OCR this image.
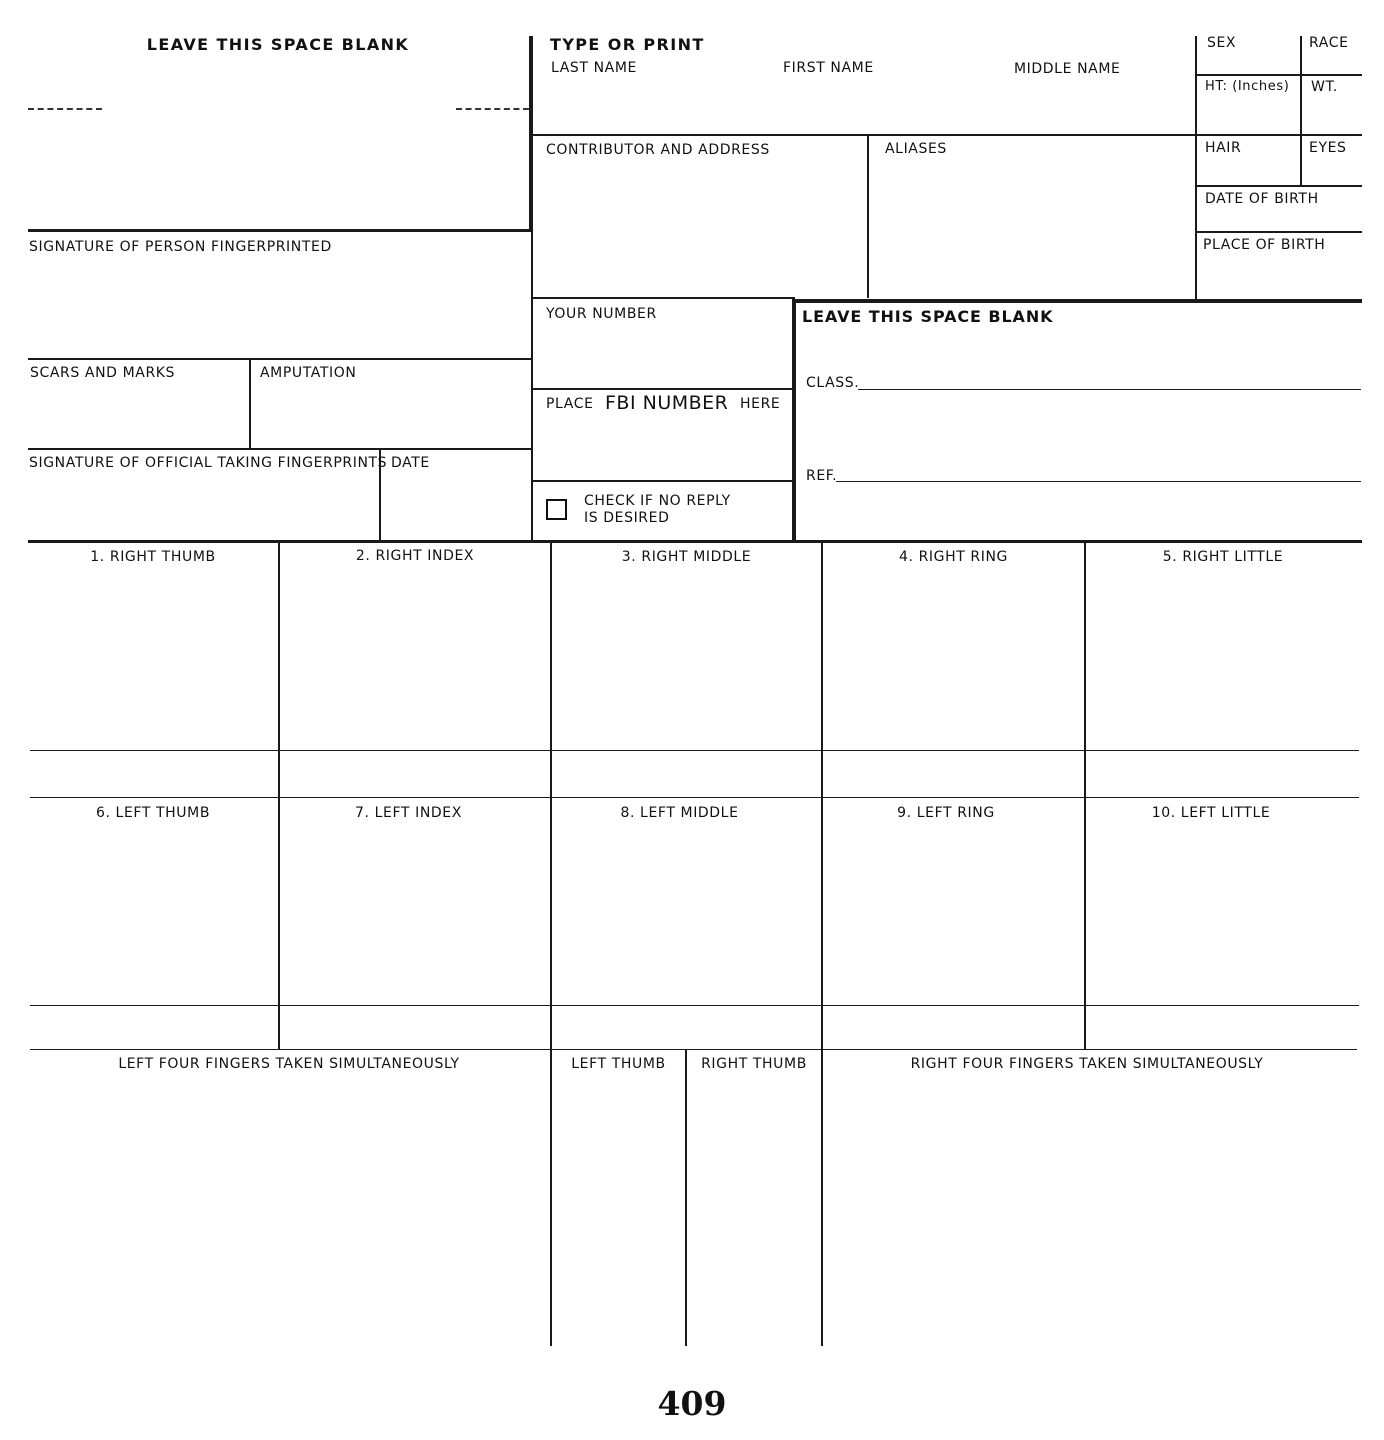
LEAVE THIS SPACE BLANK	TYPE OR PRINT
LAST NAME	FIRST NAME	MIDDLE NAME
SEX	RACE
HT: (Inches) WT.
HAIR	EYES
DATE OF BIRTH
PLACE OF BIRTH
CONTRIBUTOR AND ADDRESS	ALIASES
SIGNATURE OF PERSON FINGERPRINTED
SCARS AND MARKS	AMPUTATION
SIGNATURE OF OFFICIAL TAKING FINGERPRINTS DATE
YOUR NUMBER
PLACE FBI NUMBER HERE
CHECK IF NO REPLY
IS DESIRED
LEAVE THIS SPACE BLANK
CLASS.
REF.
1. RIGHT THUMB	2. RIGHT INDEX	3. RIGHT MIDDLE	4. RIGHT RING	5. RIGHT LITTLE
6. LEFT THUMB	7. LEFT INDEX	8. LEFT MIDDLE	9. LEFT RING	10. LEFT LITTLE
LEFT FOUR FINGERS TAKEN SIMULTANEOUSLY	LEFT THUMB	RIGHT THUMB	RIGHT FOUR FINGERS TAKEN SIMULTANEOUSLY
409
